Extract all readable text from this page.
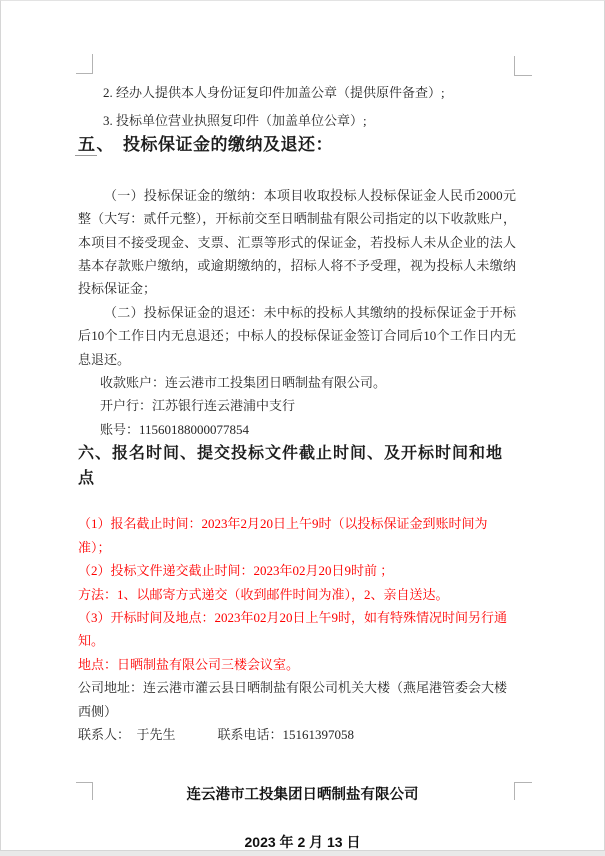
2. 经办人提供本人身份证复印件加盖公章（提供原件备查）;

3. 投标单位营业执照复印件（加盖单位公章）;

五、 投标保证金的缴纳及退还：

（一）投标保证金的缴纳：本项目收取投标人投标保证金人民币2000元整（大写：贰仟元整），开标前交至日晒制盐有限公司指定的以下收款账户，本项目不接受现金、支票、汇票等形式的保证金，若投标人未从企业的法人基本存款账户缴纳，或逾期缴纳的，招标人将不予受理，视为投标人未缴纳投标保证金；

（二）投标保证金的退还：未中标的投标人其缴纳的投标保证金于开标后10个工作日内无息退还；中标人的投标保证金签订合同后10个工作日内无息退还。

收款账户：连云港市工投集团日晒制盐有限公司。

开户行：江苏银行连云港浦中支行

账号：11560188000077854

六、报名时间、提交投标文件截止时间、及开标时间和地点

（1）报名截止时间：2023年2月20日上午9时（以投标保证金到账时间为准）；

（2）投标文件递交截止时间：2023年02月20日9时前 ；

方法：1、以邮寄方式递交（收到邮件时间为准），2、亲自送达。

（3）开标时间及地点：2023年02月20日上午9时，如有特殊情况时间另行通知。

地点：日晒制盐有限公司三楼会议室。

公司地址：连云港市灌云县日晒制盐有限公司机关大楼（燕尾港管委会大楼西侧）

联系人：　于先生	联系电话：15161397058

连云港市工投集团日晒制盐有限公司
2023 年 2 月 13 日
